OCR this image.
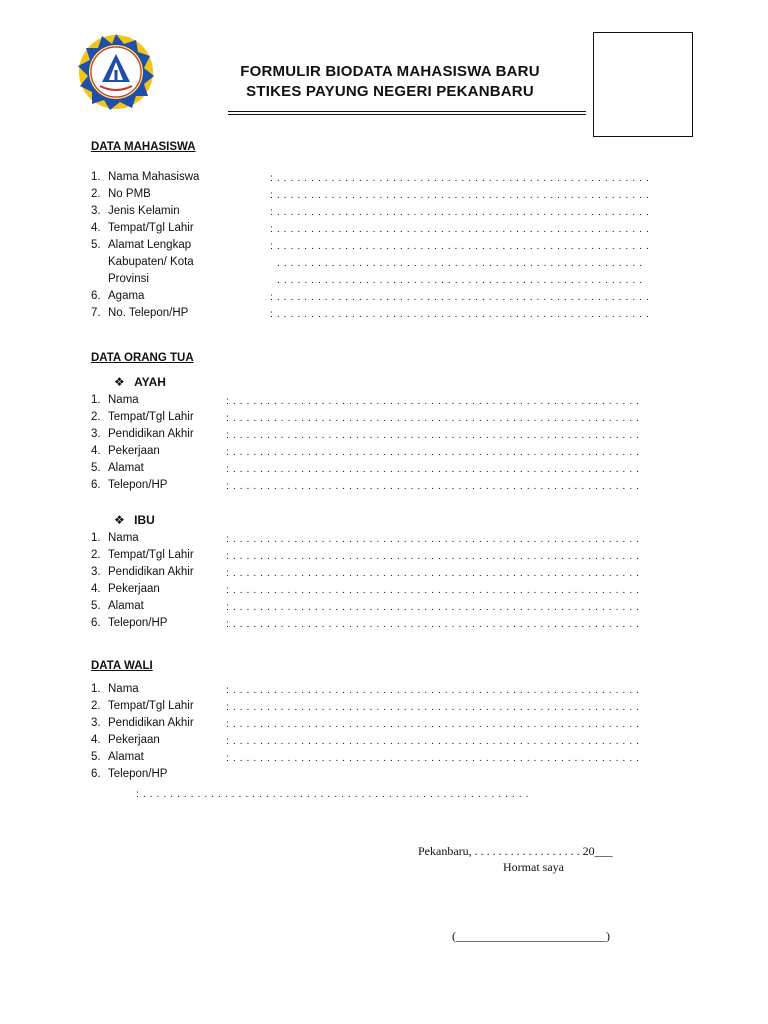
FORMULIR BIODATA MAHASISWA BARU
STIKES PAYUNG NEGERI PEKANBARU
DATA MAHASISWA
1. Nama Mahasiswa	: . . . . . . . . . . . . . . . . . . . . . . . . . . . . . . . . . . . . . . . . . . . . . . . . . . . . . . .
2. No PMB	: . . . . . . . . . . . . . . . . . . . . . . . . . . . . . . . . . . . . . . . . . . . . . . . . . . . . . . .
3. Jenis Kelamin	: . . . . . . . . . . . . . . . . . . . . . . . . . . . . . . . . . . . . . . . . . . . . . . . . . . . . . . .
4. Tempat/Tgl Lahir	: . . . . . . . . . . . . . . . . . . . . . . . . . . . . . . . . . . . . . . . . . . . . . . . . . . . . . . .
5. Alamat Lengkap	: . . . . . . . . . . . . . . . . . . . . . . . . . . . . . . . . . . . . . . . . . . . . . . . . . . . . . . .
Kabupaten/ Kota	. . . . . . . . . . . . . . . . . . . . . . . . . . . . . . . . . . . . . . . . . . . . . . . . . . . . . .
Provinsi	. . . . . . . . . . . . . . . . . . . . . . . . . . . . . . . . . . . . . . . . . . . . . . . . . . . . . .
6. Agama	: . . . . . . . . . . . . . . . . . . . . . . . . . . . . . . . . . . . . . . . . . . . . . . . . . . . . . . .
7. No. Telepon/HP	: . . . . . . . . . . . . . . . . . . . . . . . . . . . . . . . . . . . . . . . . . . . . . . . . . . . . . . .
DATA ORANG TUA
❖ AYAH
1. Nama	: . . . . . . . . . . . . . . . . . . . . . . . . . . . . . . . . . . . . . . . . . . . . . . . . . . . . . . . . . . . .
2. Tempat/Tgl Lahir	: . . . . . . . . . . . . . . . . . . . . . . . . . . . . . . . . . . . . . . . . . . . . . . . . . . . . . . . . . . . .
3. Pendidikan Akhir	: . . . . . . . . . . . . . . . . . . . . . . . . . . . . . . . . . . . . . . . . . . . . . . . . . . . . . . . . . . . .
4. Pekerjaan	: . . . . . . . . . . . . . . . . . . . . . . . . . . . . . . . . . . . . . . . . . . . . . . . . . . . . . . . . . . . .
5. Alamat	: . . . . . . . . . . . . . . . . . . . . . . . . . . . . . . . . . . . . . . . . . . . . . . . . . . . . . . . . . . . .
6. Telepon/HP	: . . . . . . . . . . . . . . . . . . . . . . . . . . . . . . . . . . . . . . . . . . . . . . . . . . . . . . . . . . . .
❖ IBU
1. Nama	: . . . . . . . . . . . . . . . . . . . . . . . . . . . . . . . . . . . . . . . . . . . . . . . . . . . . . . . . . . . .
2. Tempat/Tgl Lahir	: . . . . . . . . . . . . . . . . . . . . . . . . . . . . . . . . . . . . . . . . . . . . . . . . . . . . . . . . . . . .
3. Pendidikan Akhir	: . . . . . . . . . . . . . . . . . . . . . . . . . . . . . . . . . . . . . . . . . . . . . . . . . . . . . . . . . . . .
4. Pekerjaan	: . . . . . . . . . . . . . . . . . . . . . . . . . . . . . . . . . . . . . . . . . . . . . . . . . . . . . . . . . . . .
5. Alamat	: . . . . . . . . . . . . . . . . . . . . . . . . . . . . . . . . . . . . . . . . . . . . . . . . . . . . . . . . . . . .
6. Telepon/HP	: . . . . . . . . . . . . . . . . . . . . . . . . . . . . . . . . . . . . . . . . . . . . . . . . . . . . . . . . . . . .
DATA WALI
1. Nama	: . . . . . . . . . . . . . . . . . . . . . . . . . . . . . . . . . . . . . . . . . . . . . . . . . . . . . . . . . . . .
2. Tempat/Tgl Lahir	: . . . . . . . . . . . . . . . . . . . . . . . . . . . . . . . . . . . . . . . . . . . . . . . . . . . . . . . . . . . .
3. Pendidikan Akhir	: . . . . . . . . . . . . . . . . . . . . . . . . . . . . . . . . . . . . . . . . . . . . . . . . . . . . . . . . . . . .
4. Pekerjaan	: . . . . . . . . . . . . . . . . . . . . . . . . . . . . . . . . . . . . . . . . . . . . . . . . . . . . . . . . . . . .
5. Alamat	: . . . . . . . . . . . . . . . . . . . . . . . . . . . . . . . . . . . . . . . . . . . . . . . . . . . . . . . . . . . .
6. Telepon/HP
: . . . . . . . . . . . . . . . . . . . . . . . . . . . . . . . . . . . . . . . . . . . . . . . . . . . . . . . . .
Pekanbaru, . . . . . . . . . . . . . . . . . . 20___
Hormat saya
(_________________________)
